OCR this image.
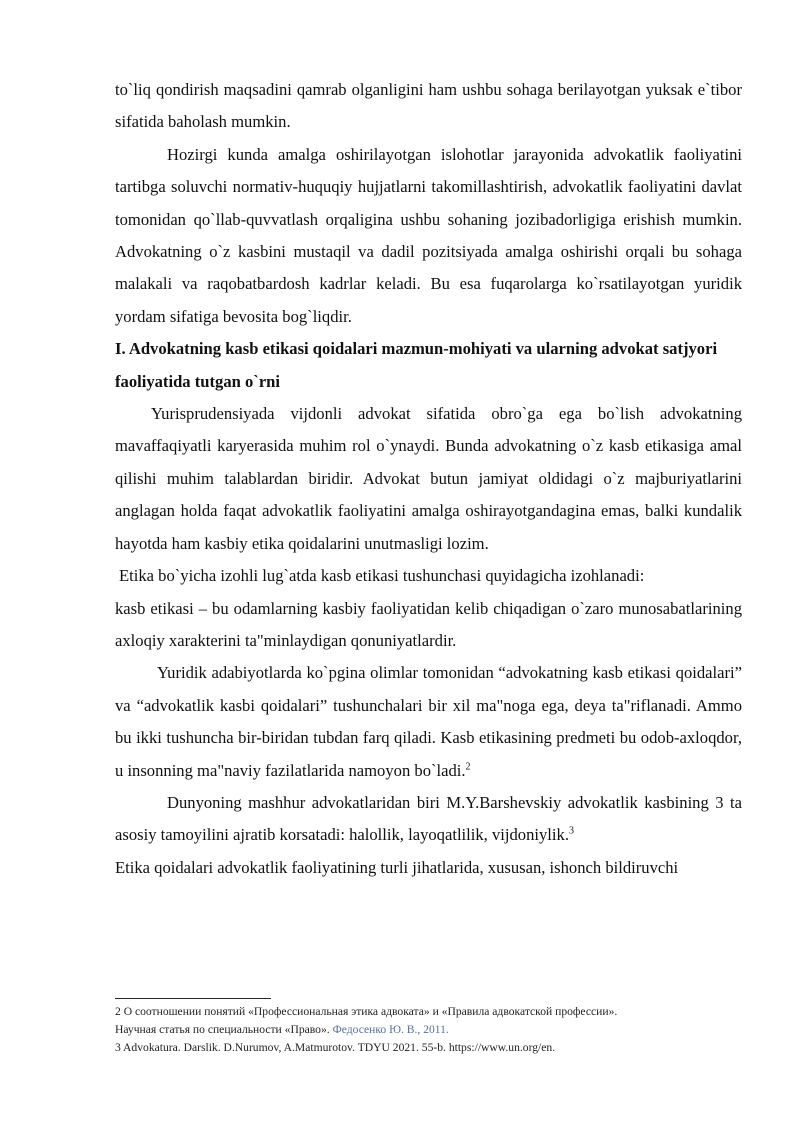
to`liq qondirish maqsadini qamrab olganligini ham ushbu sohaga berilayotgan yuksak e`tibor sifatida baholash mumkin.

Hozirgi kunda amalga oshirilayotgan islohotlar jarayonida advokatlik faoliyatini tartibga soluvchi normativ-huquqiy hujjatlarni takomillashtirish, advokatlik faoliyatini davlat tomonidan qo`llab-quvvatlash orqaligina ushbu sohaning jozibadorligiga erishish mumkin. Advokatning o`z kasbini mustaqil va dadil pozitsiyada amalga oshirishi orqali bu sohaga malakali va raqobatbardosh kadrlar keladi. Bu esa fuqarolarga ko`rsatilayotgan yuridik yordam sifatiga bevosita bog`liqdir.

I. Advokatning kasb etikasi qoidalari mazmun-mohiyati va ularning advokat satjyori faoliyatida tutgan o`rni

Yurisprudensiyada vijdonli advokat sifatida obro`ga ega bo`lish advokatning mavaffaqiyatli karyerasida muhim rol o`ynaydi. Bunda advokatning o`z kasb etikasiga amal qilishi muhim talablardan biridir. Advokat butun jamiyat oldidagi o`z majburiyatlarini anglagan holda faqat advokatlik faoliyatini amalga oshirayotgandagina emas, balki kundalik hayotda ham kasbiy etika qoidalarini unutmasligi lozim.

Etika bo`yicha izohli lug`atda kasb etikasi tushunchasi quyidagicha izohlanadi:

kasb etikasi – bu odamlarning kasbiy faoliyatidan kelib chiqadigan o`zaro munosabatlarining axloqiy xarakterini ta"minlaydigan qonuniyatlardir.

Yuridik adabiyotlarda ko`pgina olimlar tomonidan “advokatning kasb etikasi qoidalari” va “advokatlik kasbi qoidalari” tushunchalari bir xil ma"noga ega, deya ta"riflanadi. Ammo bu ikki tushuncha bir-biridan tubdan farq qiladi. Kasb etikasining predmeti bu odob-axloqdor, u insonning ma"naviy fazilatlarida namoyon bo`ladi.$^2$

Dunyoning mashhur advokatlaridan biri M.Y.Barshevskiy advokatlik kasbining 3 ta asosiy tamoyilini ajratib korsatadi: halollik, layoqatlilik, vijdoniylik.$^3$

Etika qoidalari advokatlik faoliyatining turli jihatlarida, xususan, ishonch bildiruvchi

2 О соотношении понятий «Профессиональная этика адвоката» и «Правила адвокатской профессии».

Научная статья по специальности «Право». Федосенко Ю. В., 2011.

3 Advokatura. Darslik. D.Nurumov, A.Matmurotov. TDYU 2021. 55-b. https://www.un.org/en.
